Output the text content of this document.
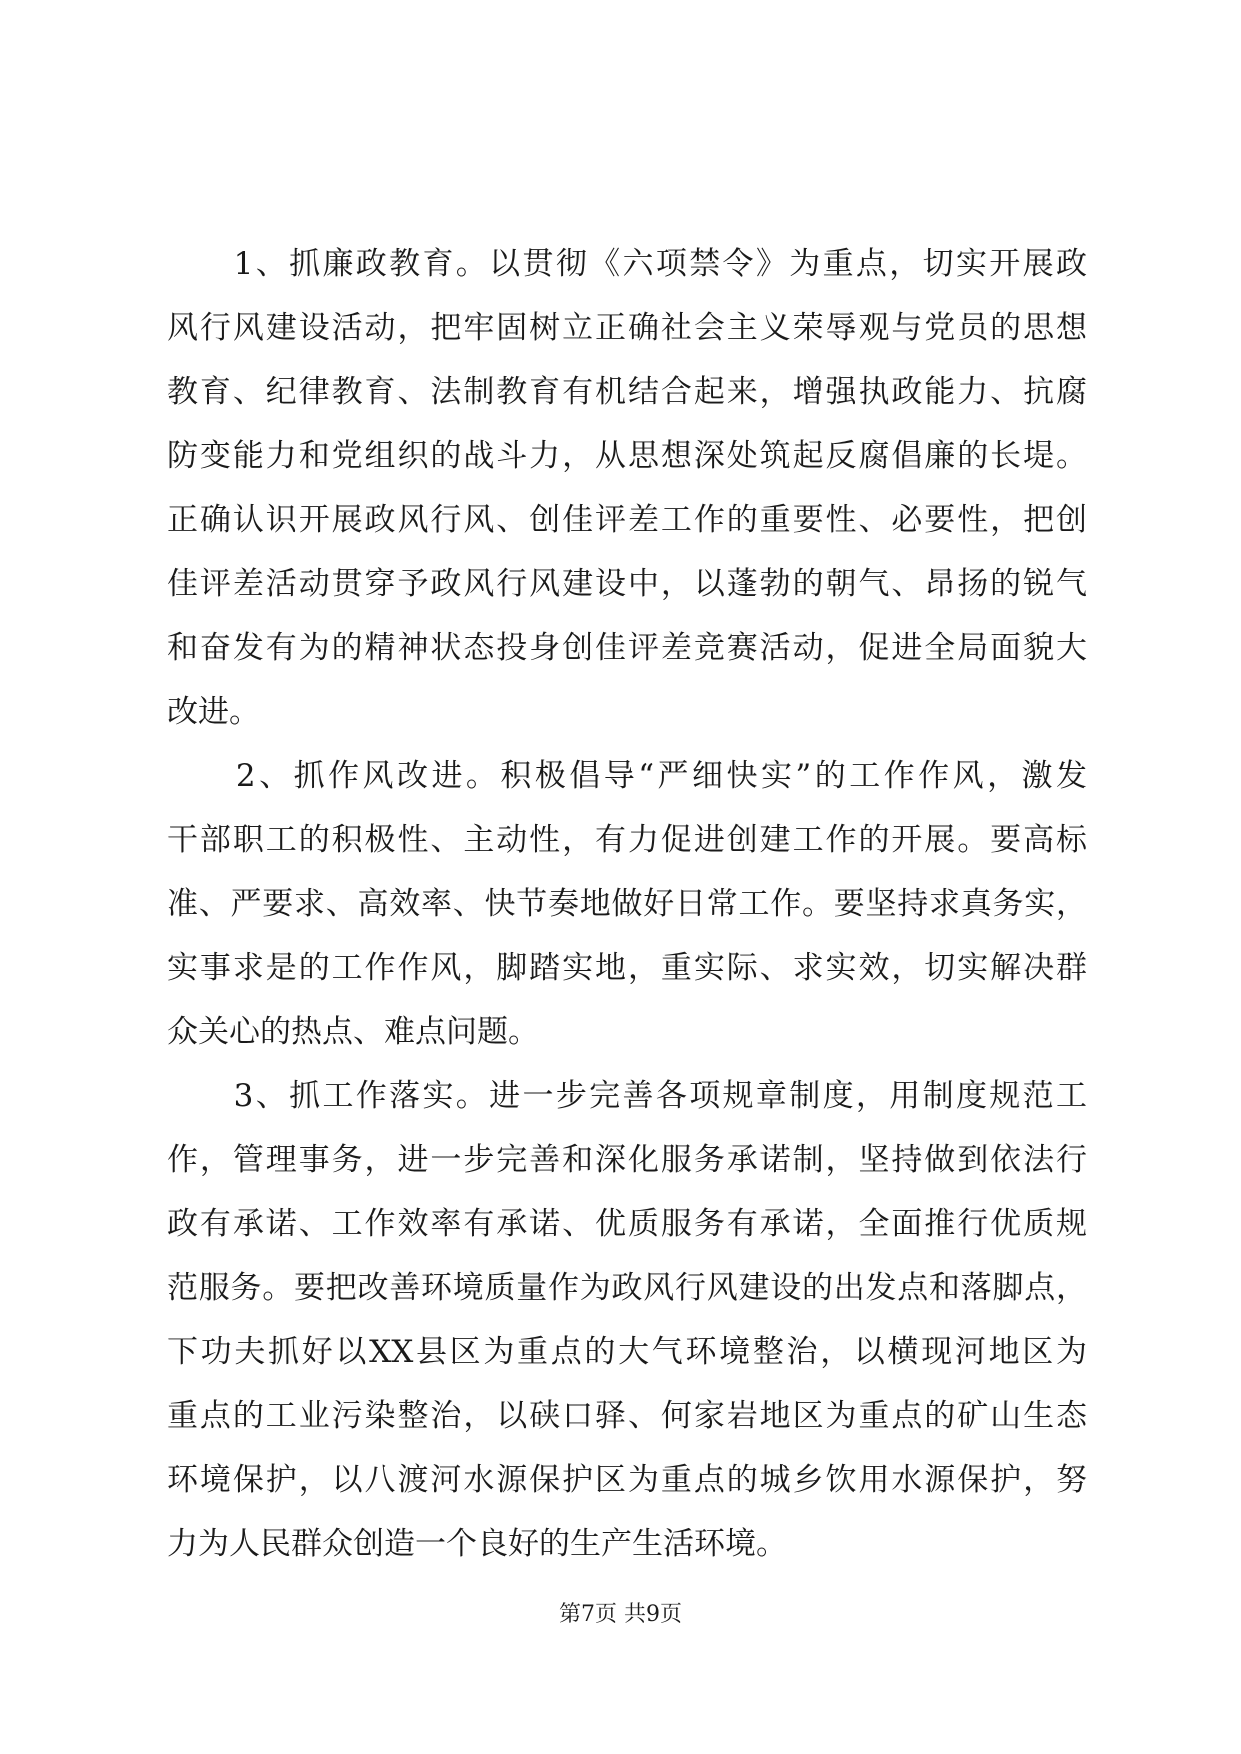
　　1、抓廉政教育。以贯彻《六项禁令》为重点，切实开展政
风行风建设活动，把牢固树立正确社会主义荣辱观与党员的思想
教育、纪律教育、法制教育有机结合起来，增强执政能力、抗腐
防变能力和党组织的战斗力，从思想深处筑起反腐倡廉的长堤。
正确认识开展政风行风、创佳评差工作的重要性、必要性，把创
佳评差活动贯穿予政风行风建设中，以蓬勃的朝气、昂扬的锐气
和奋发有为的精神状态投身创佳评差竞赛活动，促进全局面貌大
改进。
　　2、抓作风改进。积极倡导“严细快实”的工作作风，激发
干部职工的积极性、主动性，有力促进创建工作的开展。要高标
准、严要求、高效率、快节奏地做好日常工作。要坚持求真务实，
实事求是的工作作风，脚踏实地，重实际、求实效，切实解决群
众关心的热点、难点问题。
　　3、抓工作落实。进一步完善各项规章制度，用制度规范工
作，管理事务，进一步完善和深化服务承诺制，坚持做到依法行
政有承诺、工作效率有承诺、优质服务有承诺，全面推行优质规
范服务。要把改善环境质量作为政风行风建设的出发点和落脚点，
下功夫抓好以XX县区为重点的大气环境整治，以横现河地区为
重点的工业污染整治，以硖口驿、何家岩地区为重点的矿山生态
环境保护，以八渡河水源保护区为重点的城乡饮用水源保护，努
力为人民群众创造一个良好的生产生活环境。
第7页 共9页
